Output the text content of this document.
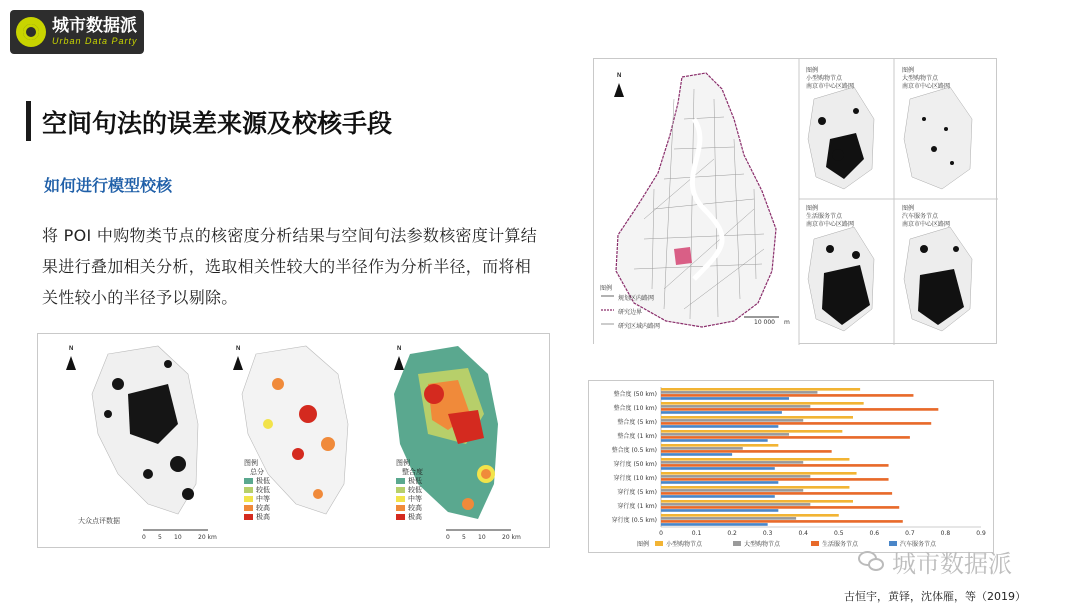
城市数据派
Urban Data Party
空间句法的误差来源及校核手段
如何进行模型校核
将 POI 中购物类节点的核密度分析结果与空间句法参数核密度计算结果进行叠加相关分析，选取相关性较大的半径作为分析半径，而将相关性较小的半径予以剔除。
N
图例
规划区内路网
研究边界
研究区域内路网
10 000 m
图例
小型购物节点
南京市中心区路网
图例
大型购物节点
南京市中心区路网
图例
生活服务节点
南京市中心区路网
图例
汽车服务节点
南京市中心区路网
N	N	N
大众点评数据
0 5 10	20 km	0 5 10	20 km
图例
总分
极低
较低
中等
较高
极高
图例
整合度
极低
较低
中等
较高
极高
整合度 (50 km)
整合度 (10 km)
整合度 (5 km)
整合度 (1 km)
整合度 (0.5 km)
穿行度 (50 km)
穿行度 (10 km)
穿行度 (5 km)
穿行度 (1 km)
穿行度 (0.5 km)
0	0.1	0.2	0.3	0.4	0.5	0.6	0.7	0.8	0.9
图例	小型购物节点	大型购物节点	生活服务节点	汽车服务节点
城市数据派
古恒宇，黄铎，沈体雁，等（2019）
